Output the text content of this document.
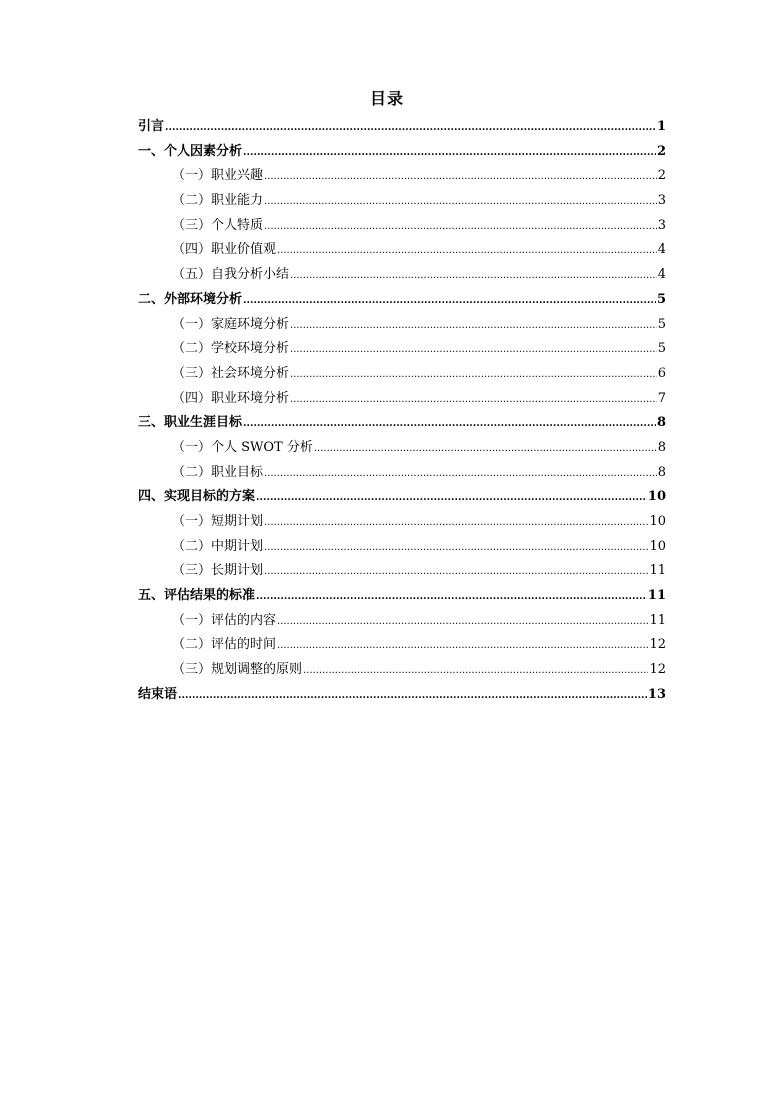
目录
引言 .....	1
一、个人因素分析 .....	2
（一）职业兴趣 .....	2
（二）职业能力 .....	3
（三）个人特质 .....	3
（四）职业价值观 .....	4
（五）自我分析小结 .....	4
二、外部环境分析 .....	5
（一）家庭环境分析 .....	5
（二）学校环境分析 .....	5
（三）社会环境分析 .....	6
（四）职业环境分析 .....	7
三、职业生涯目标 .....	8
（一）个人 SWOT 分析 .....	8
（二）职业目标 .....	8
四、实现目标的方案 .....	10
（一）短期计划 .....	10
（二）中期计划 .....	10
（三）长期计划 .....	11
五、评估结果的标准 .....	11
（一）评估的内容 .....	11
（二）评估的时间 .....	12
（三）规划调整的原则 .....	12
结束语 .....	13
